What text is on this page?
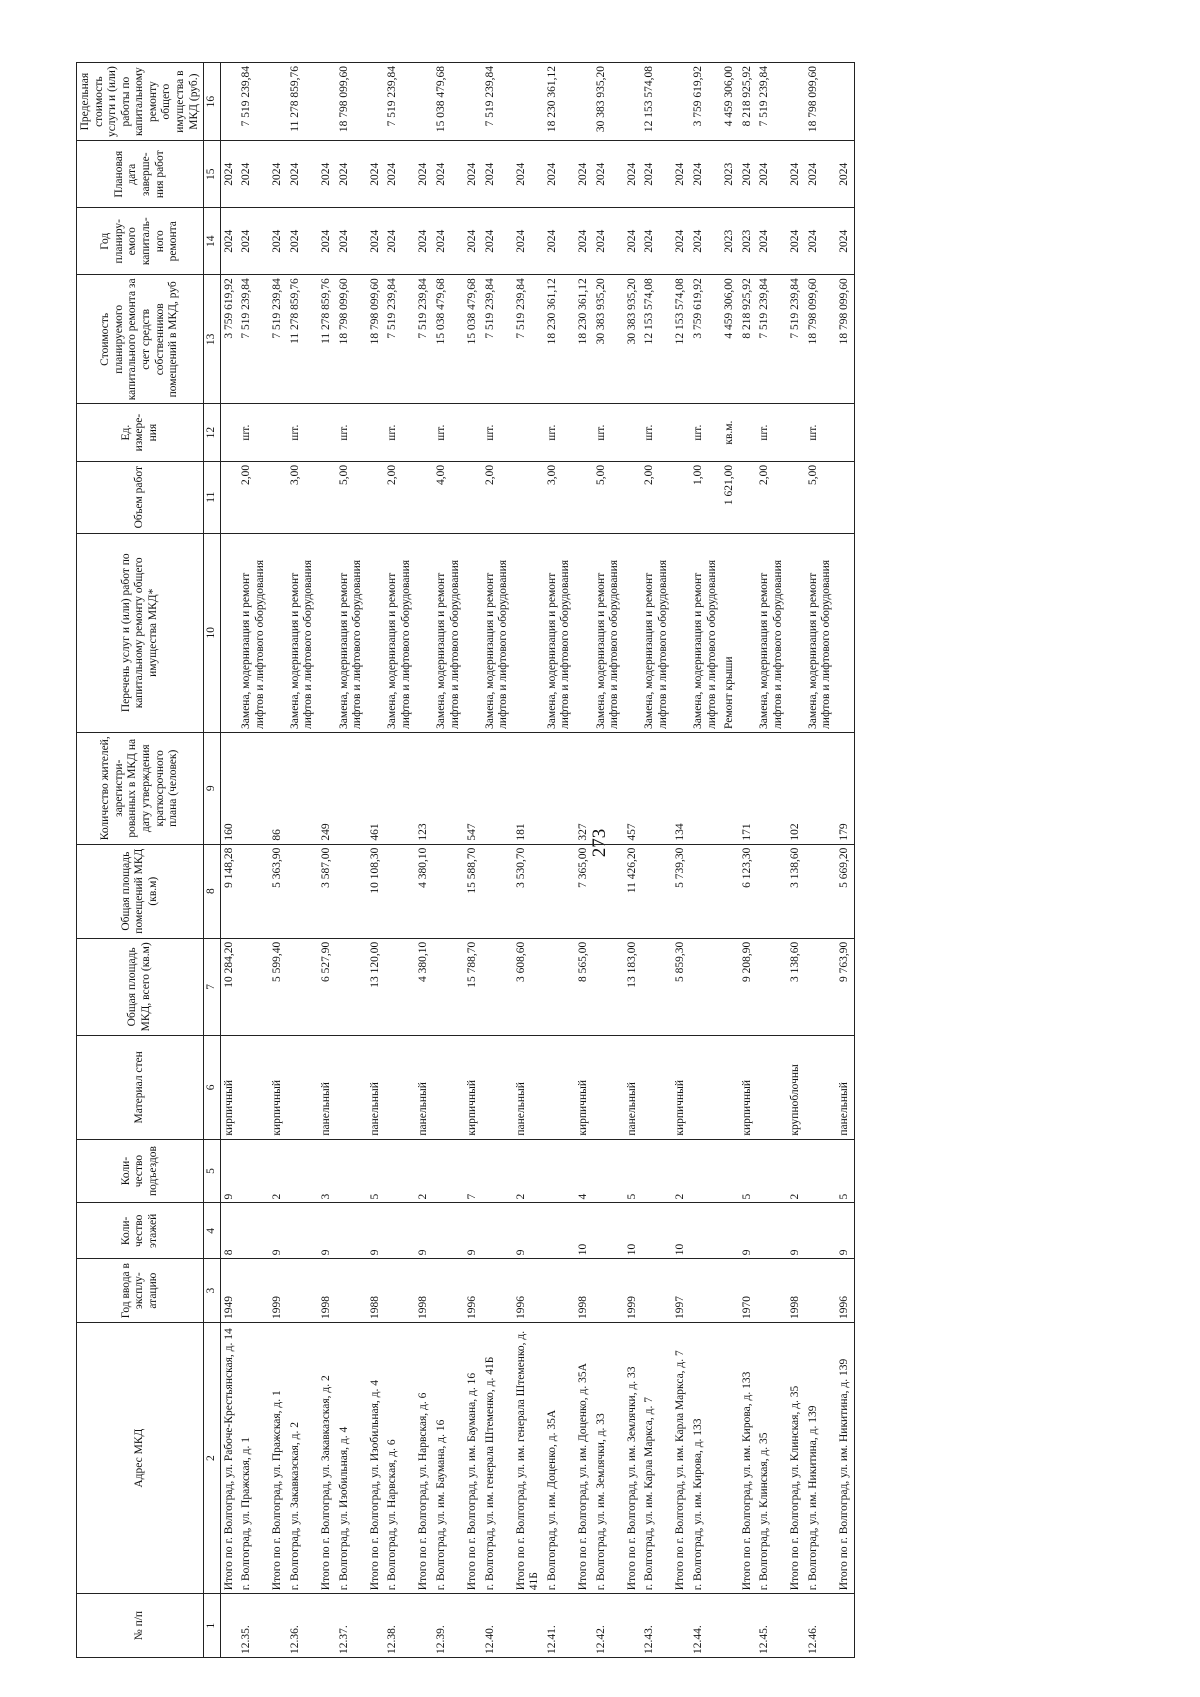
273
№ п/п	Адрес МКД	Год ввода в эксплу-атацию	Коли-чество этажей	Коли-чество подъездов	Материал стен	Общая площадь МКД, всего (кв.м)	Общая площадь помещений МКД (кв.м)	Количество жителей, зарегистри-рованных в МКД на дату утверждения краткосрочного плана (человек)	Перечень услуг и (или) работ по капитальному ремонту общего имущества МКД*	Объем работ	Ед. измере-ния	Стоимость планируемого капитального ремонта за счет средств собственников помещений в МКД, руб	Год планиру-емого капиталь-ного ремонта	Плановая дата заверше-ния работ	Предельная стоимость услуги и (или) работы по капитальному ремонту общего имущества в МКД (руб.)
1	2	3	4	5	6	7	8	9	10	11	12	13	14	15	16
	Итого по г. Волгоград, ул. Рабоче-Крестьянская, д. 14	1949	8	9	кирпичный	10 284,20	9 148,28	160				3 759 619,92	2024	2024	
12.35.	г. Волгоград, ул. Пражская, д. 1								Замена, модернизация и ремонт лифтов и лифтового оборудования	2,00	шт.	7 519 239,84	2024	2024	7 519 239,84
	Итого по г. Волгоград, ул. Пражская, д. 1	1999	9	2	кирпичный	5 599,40	5 363,90	86				7 519 239,84	2024	2024	
12.36.	г. Волгоград, ул. Закавказская, д. 2								Замена, модернизация и ремонт лифтов и лифтового оборудования	3,00	шт.	11 278 859,76	2024	2024	11 278 859,76
	Итого по г. Волгоград, ул. Закавказская, д. 2	1998	9	3	панельный	6 527,90	3 587,00	249				11 278 859,76	2024	2024	
12.37.	г. Волгоград, ул. Изобильная, д. 4								Замена, модернизация и ремонт лифтов и лифтового оборудования	5,00	шт.	18 798 099,60	2024	2024	18 798 099,60
	Итого по г. Волгоград, ул. Изобильная, д. 4	1988	9	5	панельный	13 120,00	10 108,30	461				18 798 099,60	2024	2024	
12.38.	г. Волгоград, ул. Нарвская, д. 6								Замена, модернизация и ремонт лифтов и лифтового оборудования	2,00	шт.	7 519 239,84	2024	2024	7 519 239,84
	Итого по г. Волгоград, ул. Нарвская, д. 6	1998	9	2	панельный	4 380,10	4 380,10	123				7 519 239,84	2024	2024	
12.39.	г. Волгоград, ул. им. Баумана, д. 16								Замена, модернизация и ремонт лифтов и лифтового оборудования	4,00	шт.	15 038 479,68	2024	2024	15 038 479,68
	Итого по г. Волгоград, ул. им. Баумана, д. 16	1996	9	7	кирпичный	15 788,70	15 588,70	547				15 038 479,68	2024	2024	
12.40.	г. Волгоград, ул. им. генерала Штеменко, д. 41Б								Замена, модернизация и ремонт лифтов и лифтового оборудования	2,00	шт.	7 519 239,84	2024	2024	7 519 239,84
	Итого по г. Волгоград, ул. им. генерала Штеменко, д. 41Б	1996	9	2	панельный	3 608,60	3 530,70	181				7 519 239,84	2024	2024	
12.41.	г. Волгоград, ул. им. Доценко, д. 35А								Замена, модернизация и ремонт лифтов и лифтового оборудования	3,00	шт.	18 230 361,12	2024	2024	18 230 361,12
	Итого по г. Волгоград, ул. им. Доценко, д. 35А	1998	10	4	кирпичный	8 565,00	7 365,00	327				18 230 361,12	2024	2024	
12.42.	г. Волгоград, ул. им. Землячки, д. 33								Замена, модернизация и ремонт лифтов и лифтового оборудования	5,00	шт.	30 383 935,20	2024	2024	30 383 935,20
	Итого по г. Волгоград, ул. им. Землячки, д. 33	1999	10	5	панельный	13 183,00	11 426,20	457				30 383 935,20	2024	2024	
12.43.	г. Волгоград, ул. им. Карла Маркса, д. 7								Замена, модернизация и ремонт лифтов и лифтового оборудования	2,00	шт.	12 153 574,08	2024	2024	12 153 574,08
	Итого по г. Волгоград, ул. им. Карла Маркса, д. 7	1997	10	2	кирпичный	5 859,30	5 739,30	134				12 153 574,08	2024	2024	
12.44.	г. Волгоград, ул. им. Кирова, д. 133								Замена, модернизация и ремонт лифтов и лифтового оборудования	1,00	шт.	3 759 619,92	2024	2024	3 759 619,92
									Ремонт крыши	1 621,00	кв.м.	4 459 306,00	2023	2023	4 459 306,00
	Итого по г. Волгоград, ул. им. Кирова, д. 133	1970	9	5	кирпичный	9 208,90	6 123,30	171				8 218 925,92	2023	2024	8 218 925,92
12.45.	г. Волгоград, ул. Клинская, д. 35								Замена, модернизация и ремонт лифтов и лифтового оборудования	2,00	шт.	7 519 239,84	2024	2024	7 519 239,84
	Итого по г. Волгоград, ул. Клинская, д. 35	1998	9	2	крупноблочны	3 138,60	3 138,60	102				7 519 239,84	2024	2024	
12.46.	г. Волгоград, ул. им. Никитина, д. 139								Замена, модернизация и ремонт лифтов и лифтового оборудования	5,00	шт.	18 798 099,60	2024	2024	18 798 099,60
	Итого по г. Волгоград, ул. им. Никитина, д. 139	1996	9	5	панельный	9 763,90	5 669,20	179				18 798 099,60	2024	2024	
